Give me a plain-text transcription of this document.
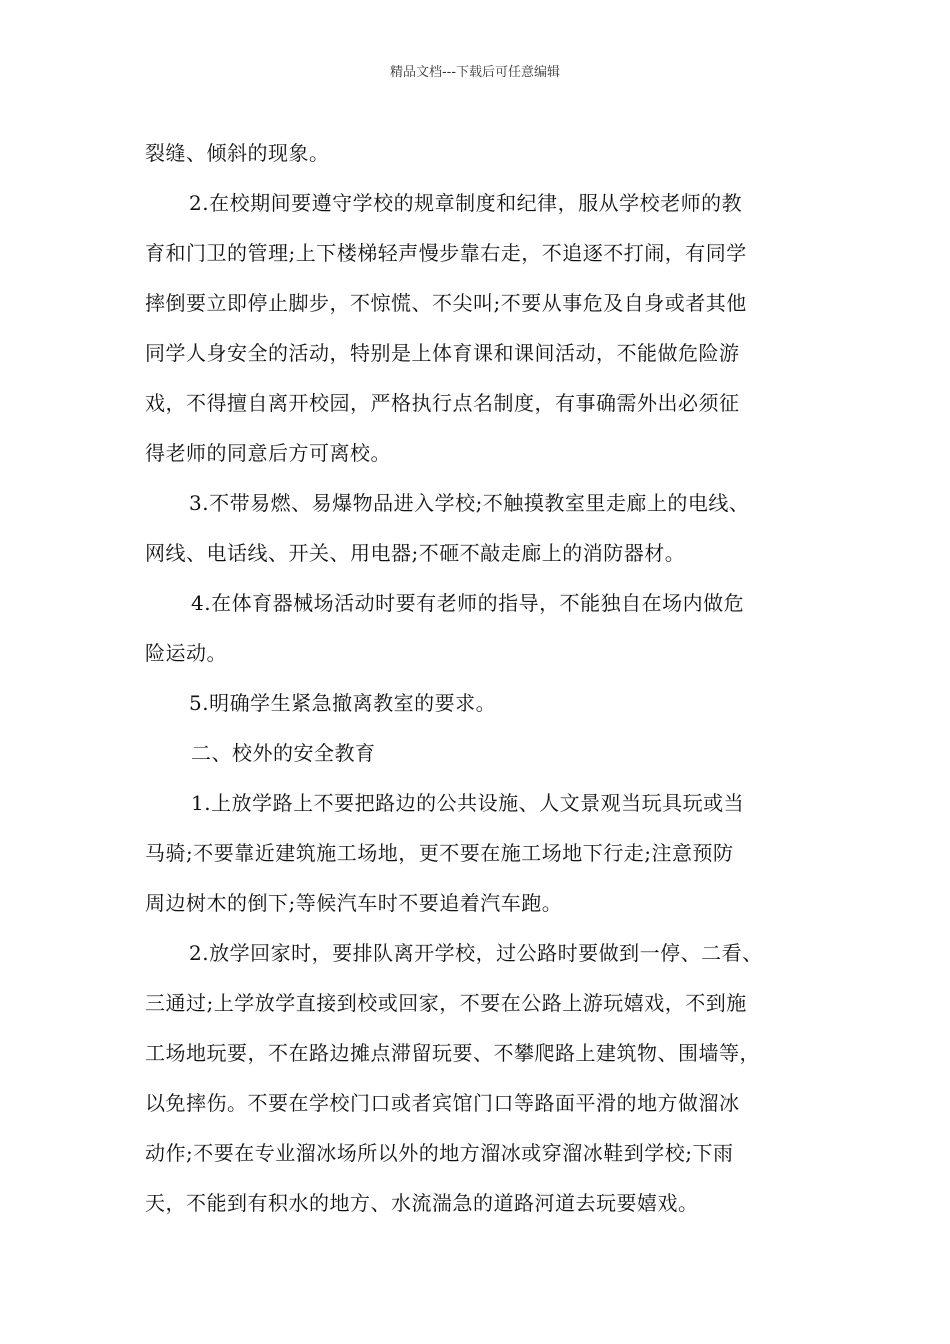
精品文档---下载后可任意编辑
裂缝、倾斜的现象。
2.在校期间要遵守学校的规章制度和纪律，服从学校老师的教
育和门卫的管理;上下楼梯轻声慢步靠右走，不追逐不打闹，有同学
摔倒要立即停止脚步，不惊慌、不尖叫;不要从事危及自身或者其他
同学人身安全的活动，特别是上体育课和课间活动，不能做危险游
戏，不得擅自离开校园，严格执行点名制度，有事确需外出必须征
得老师的同意后方可离校。
3.不带易燃、易爆物品进入学校;不触摸教室里走廊上的电线、
网线、电话线、开关、用电器;不砸不敲走廊上的消防器材。
4.在体育器械场活动时要有老师的指导，不能独自在场内做危
险运动。
5.明确学生紧急撤离教室的要求。
二、校外的安全教育
1.上放学路上不要把路边的公共设施、人文景观当玩具玩或当
马骑;不要靠近建筑施工场地，更不要在施工场地下行走;注意预防
周边树木的倒下;等候汽车时不要追着汽车跑。
2.放学回家时，要排队离开学校，过公路时要做到一停、二看、
三通过;上学放学直接到校或回家，不要在公路上游玩嬉戏，不到施
工场地玩要，不在路边摊点滞留玩要、不攀爬路上建筑物、围墙等，
以免摔伤。不要在学校门口或者宾馆门口等路面平滑的地方做溜冰
动作;不要在专业溜冰场所以外的地方溜冰或穿溜冰鞋到学校;下雨
天，不能到有积水的地方、水流湍急的道路河道去玩要嬉戏。
